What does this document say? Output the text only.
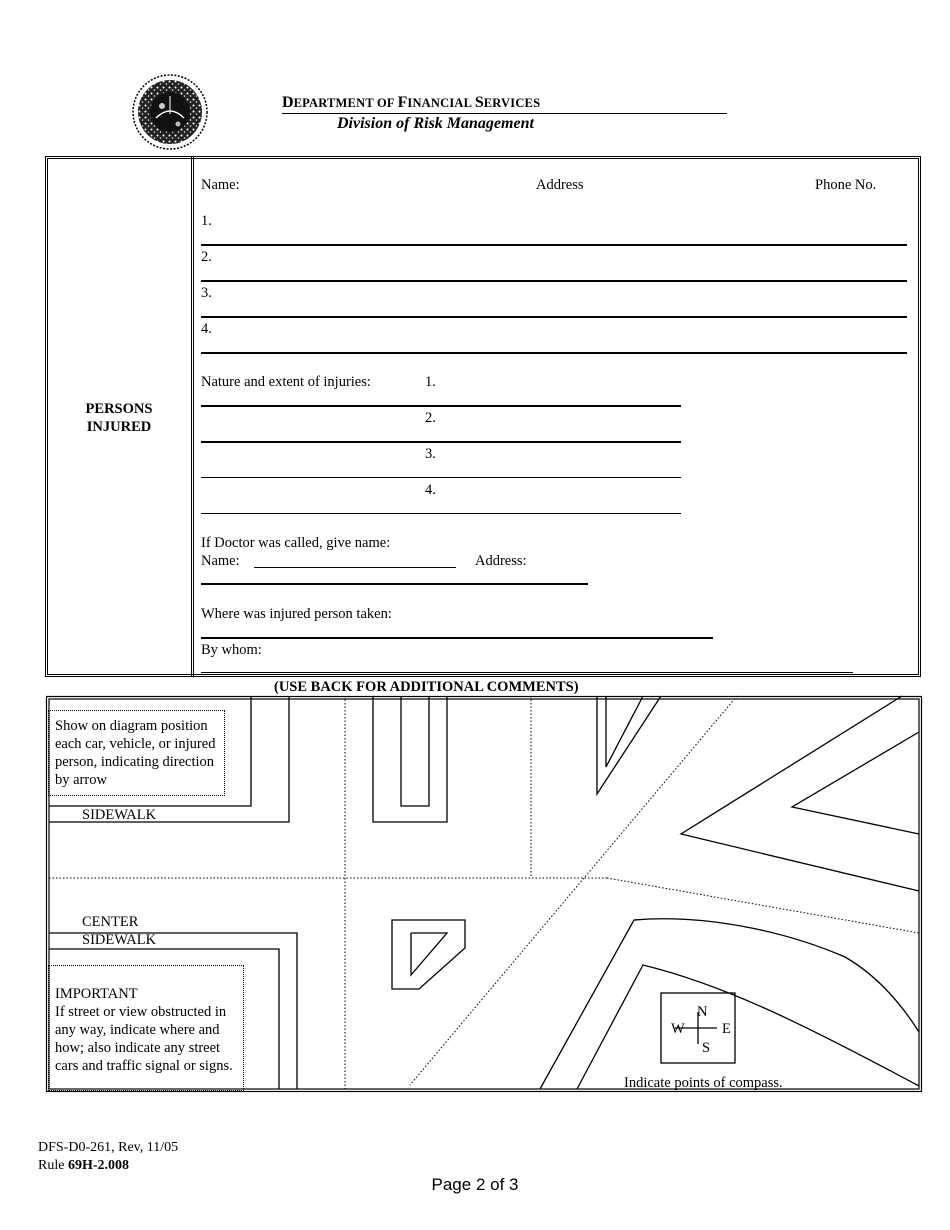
DEPARTMENT OF FINANCIAL SERVICES
Division of Risk Management
PERSONS
INJURED
Name:	Address	Phone No.
1.
2.
3.
4.
Nature and extent of injuries:	1.
2.
3.
4.
If Doctor was called, give name:
Name:	Address:
Where was injured person taken:
By whom:
(USE BACK FOR ADDITIONAL COMMENTS)
Show on diagram position
each car, vehicle, or injured
person, indicating direction
by arrow
SIDEWALK
CENTER
SIDEWALK
IMPORTANT
If street or view obstructed in
any way, indicate where and
how; also indicate any street
cars and traffic signal or signs.
N
W	E
S
Indicate points of compass.
DFS-D0-261, Rev, 11/05
Rule 69H-2.008
Page 2 of 3
